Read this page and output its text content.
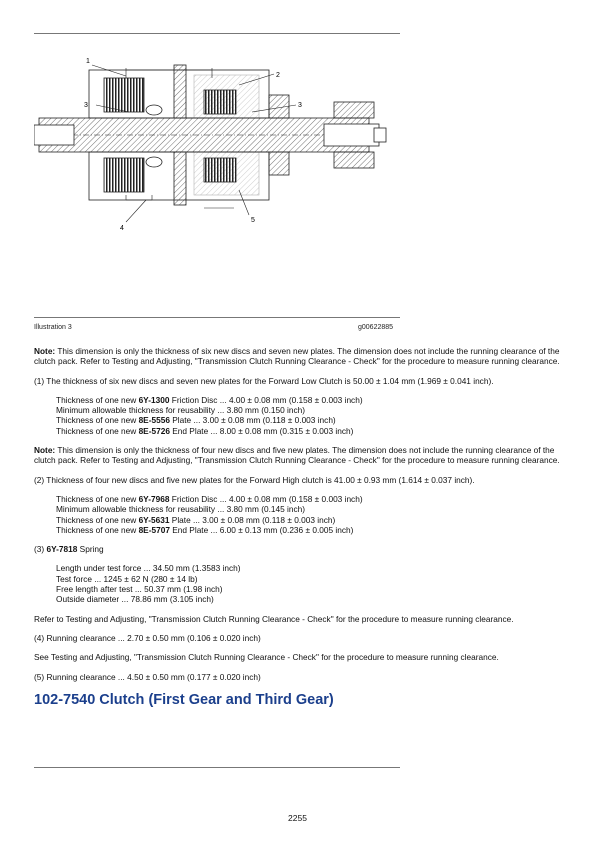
1
2
3	3
4
5
Illustration 3	g00622885

Note: This dimension is only the thickness of six new discs and seven new plates. The dimension does not include the running clearance of the clutch pack. Refer to Testing and Adjusting, "Transmission Clutch Running Clearance - Check" for the procedure to measure running clearance.

(1) The thickness of six new discs and seven new plates for the Forward Low Clutch is 50.00 ± 1.04 mm (1.969 ± 0.041 inch).

Thickness of one new 6Y-1300 Friction Disc ... 4.00 ± 0.08 mm (0.158 ± 0.003 inch)
Minimum allowable thickness for reusability ... 3.80 mm (0.150 inch)
Thickness of one new 8E-5556 Plate ... 3.00 ± 0.08 mm (0.118 ± 0.003 inch)
Thickness of one new 8E-5726 End Plate ... 8.00 ± 0.08 mm (0.315 ± 0.003 inch)

Note: This dimension is only the thickness of four new discs and five new plates. The dimension does not include the running clearance of the clutch pack. Refer to Testing and Adjusting, "Transmission Clutch Running Clearance - Check" for the procedure to measure running clearance.

(2) Thickness of four new discs and five new plates for the Forward High clutch is 41.00 ± 0.93 mm (1.614 ± 0.037 inch).

Thickness of one new 6Y-7968 Friction Disc ... 4.00 ± 0.08 mm (0.158 ± 0.003 inch)
Minimum allowable thickness for reusability ... 3.80 mm (0.145 inch)
Thickness of one new 6Y-5631 Plate ... 3.00 ± 0.08 mm (0.118 ± 0.003 inch)
Thickness of one new 8E-5707 End Plate ... 6.00 ± 0.13 mm (0.236 ± 0.005 inch)

(3) 6Y-7818 Spring

Length under test force ... 34.50 mm (1.3583 inch)
Test force ... 1245 ± 62 N (280 ± 14 lb)
Free length after test ... 50.37 mm (1.98 inch)
Outside diameter ... 78.86 mm (3.105 inch)

Refer to Testing and Adjusting, "Transmission Clutch Running Clearance - Check" for the procedure to measure running clearance.

(4) Running clearance ... 2.70 ± 0.50 mm (0.106 ± 0.020 inch)

See Testing and Adjusting, "Transmission Clutch Running Clearance - Check" for the procedure to measure running clearance.

(5) Running clearance ... 4.50 ± 0.50 mm (0.177 ± 0.020 inch)

102-7540 Clutch (First Gear and Third Gear)
2255
